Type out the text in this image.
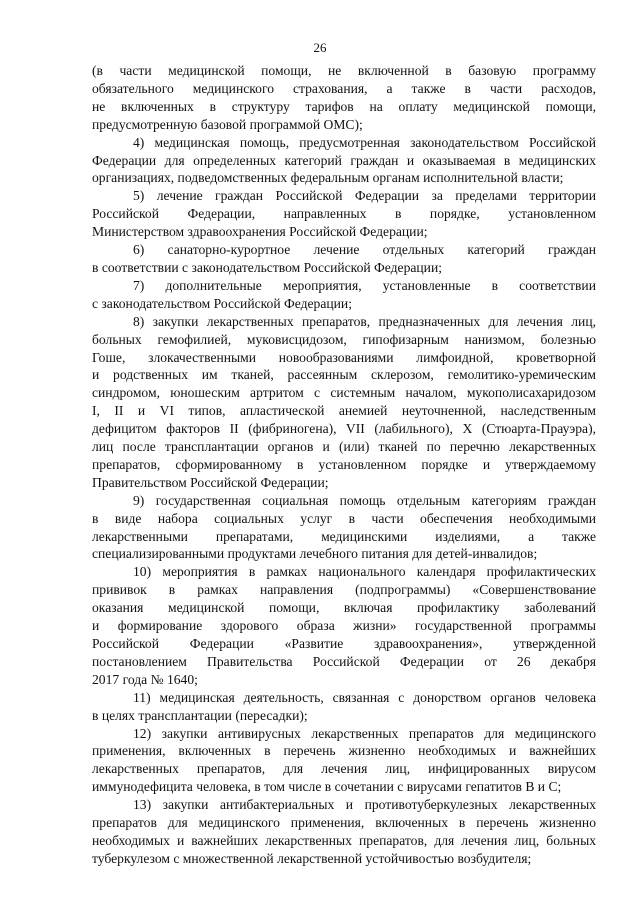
26

(в части медицинской помощи, не включенной в базовую программу
обязательного медицинского страхования, а также в части расходов,
не включенных в структуру тарифов на оплату медицинской помощи,
предусмотренную базовой программой ОМС);

4) медицинская помощь, предусмотренная законодательством Российской
Федерации для определенных категорий граждан и оказываемая в медицинских
организациях, подведомственных федеральным органам исполнительной власти;

5) лечение граждан Российской Федерации за пределами территории
Российской Федерации, направленных в порядке, установленном
Министерством здравоохранения Российской Федерации;

6) санаторно-курортное лечение отдельных категорий граждан
в соответствии с законодательством Российской Федерации;

7) дополнительные мероприятия, установленные в соответствии
с законодательством Российской Федерации;

8) закупки лекарственных препаратов, предназначенных для лечения лиц,
больных гемофилией, муковисцидозом, гипофизарным нанизмом, болезнью
Гоше, злокачественными новообразованиями лимфоидной, кроветворной
и родственных им тканей, рассеянным склерозом, гемолитико-уремическим
синдромом, юношеским артритом с системным началом, мукополисахаридозом
I, II и VI типов, апластической анемией неуточненной, наследственным
дефицитом факторов II (фибриногена), VII (лабильного), X (Стюарта-Прауэра),
лиц после трансплантации органов и (или) тканей по перечню лекарственных
препаратов, сформированному в установленном порядке и утверждаемому
Правительством Российской Федерации;

9) государственная социальная помощь отдельным категориям граждан
в виде набора социальных услуг в части обеспечения необходимыми
лекарственными препаратами, медицинскими изделиями, а также
специализированными продуктами лечебного питания для детей-инвалидов;

10) мероприятия в рамках национального календаря профилактических
прививок в рамках направления (подпрограммы) «Совершенствование
оказания медицинской помощи, включая профилактику заболеваний
и формирование здорового образа жизни» государственной программы
Российской Федерации «Развитие здравоохранения», утвержденной
постановлением Правительства Российской Федерации от 26 декабря
2017 года № 1640;

11) медицинская деятельность, связанная с донорством органов человека
в целях трансплантации (пересадки);

12) закупки антивирусных лекарственных препаратов для медицинского
применения, включенных в перечень жизненно необходимых и важнейших
лекарственных препаратов, для лечения лиц, инфицированных вирусом
иммунодефицита человека, в том числе в сочетании с вирусами гепатитов В и С;

13) закупки антибактериальных и противотуберкулезных лекарственных
препаратов для медицинского применения, включенных в перечень жизненно
необходимых и важнейших лекарственных препаратов, для лечения лиц, больных
туберкулезом с множественной лекарственной устойчивостью возбудителя;
